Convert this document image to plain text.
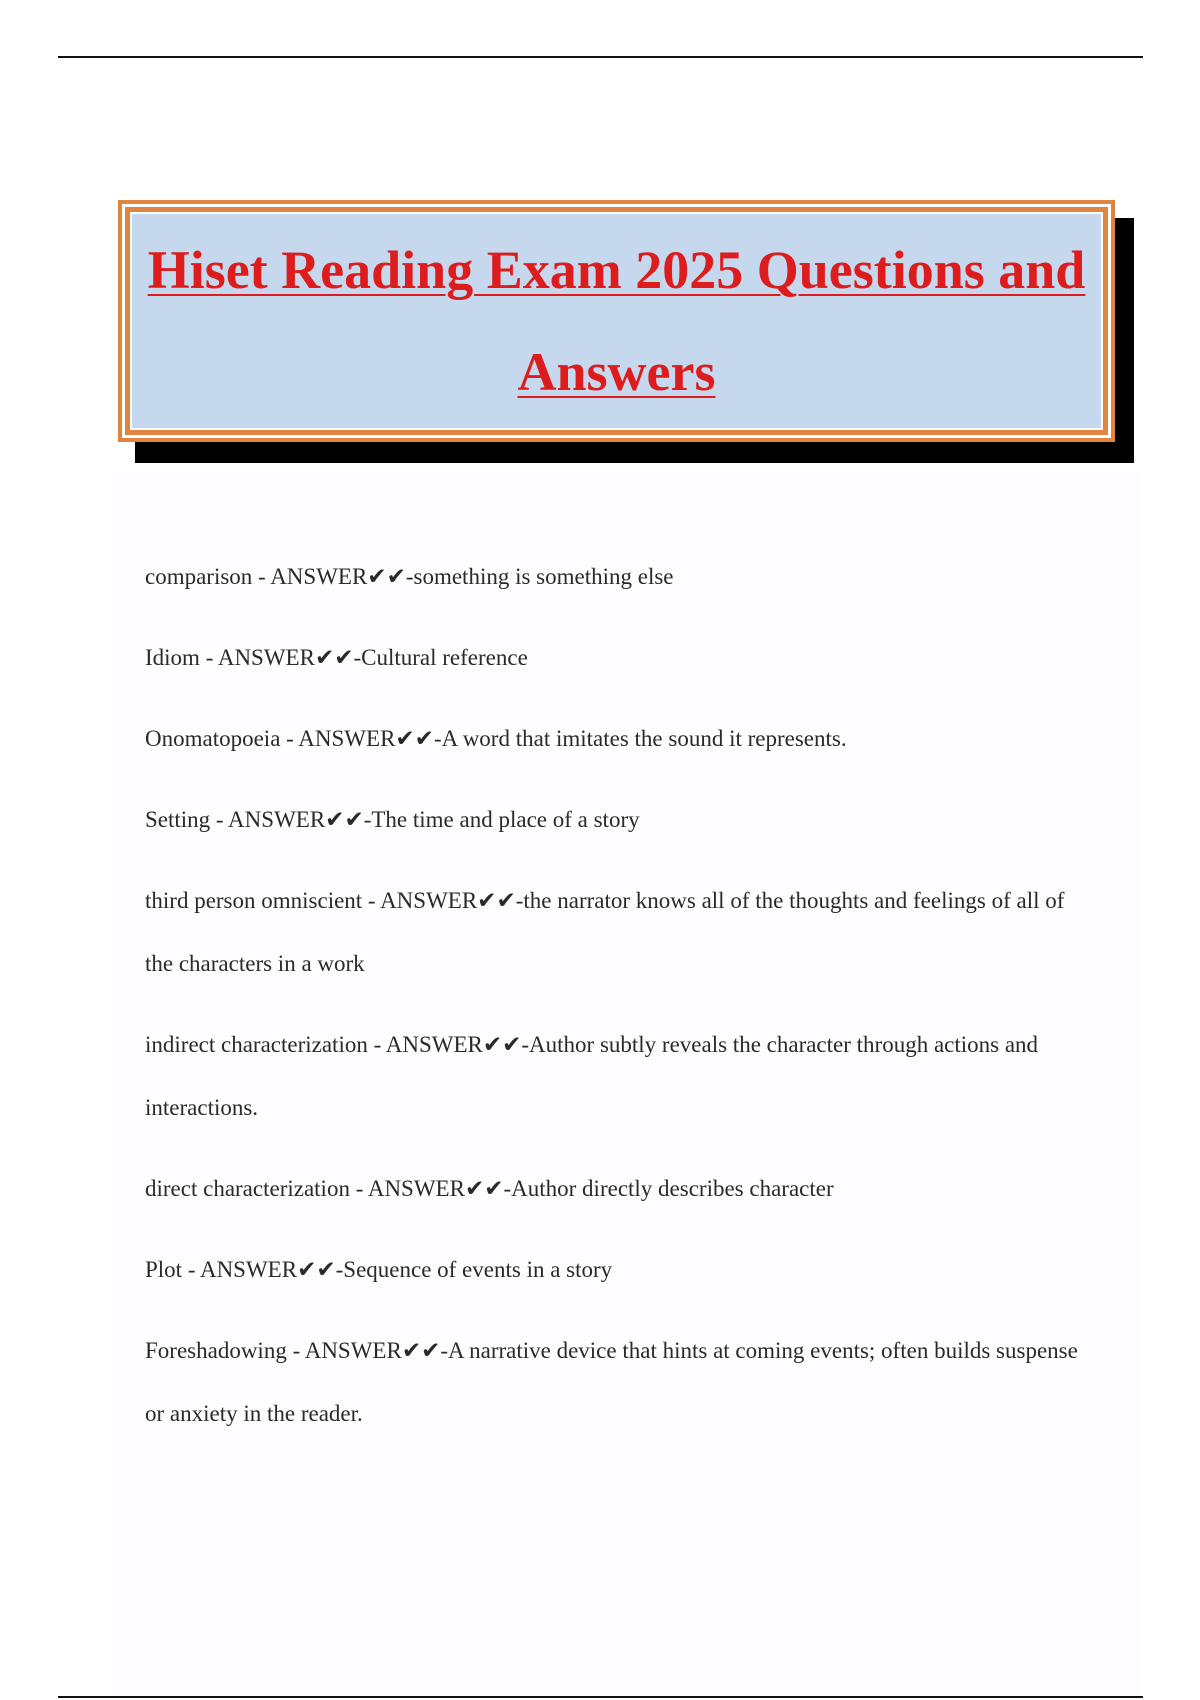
Hiset Reading Exam 2025 Questions and Answers
comparison - ANSWER✔✔-something is something else
Idiom - ANSWER✔✔-Cultural reference
Onomatopoeia - ANSWER✔✔-A word that imitates the sound it represents.
Setting - ANSWER✔✔-The time and place of a story
third person omniscient - ANSWER✔✔-the narrator knows all of the thoughts and feelings of all of the characters in a work
indirect characterization - ANSWER✔✔-Author subtly reveals the character through actions and interactions.
direct characterization - ANSWER✔✔-Author directly describes character
Plot - ANSWER✔✔-Sequence of events in a story
Foreshadowing - ANSWER✔✔-A narrative device that hints at coming events; often builds suspense or anxiety in the reader.
